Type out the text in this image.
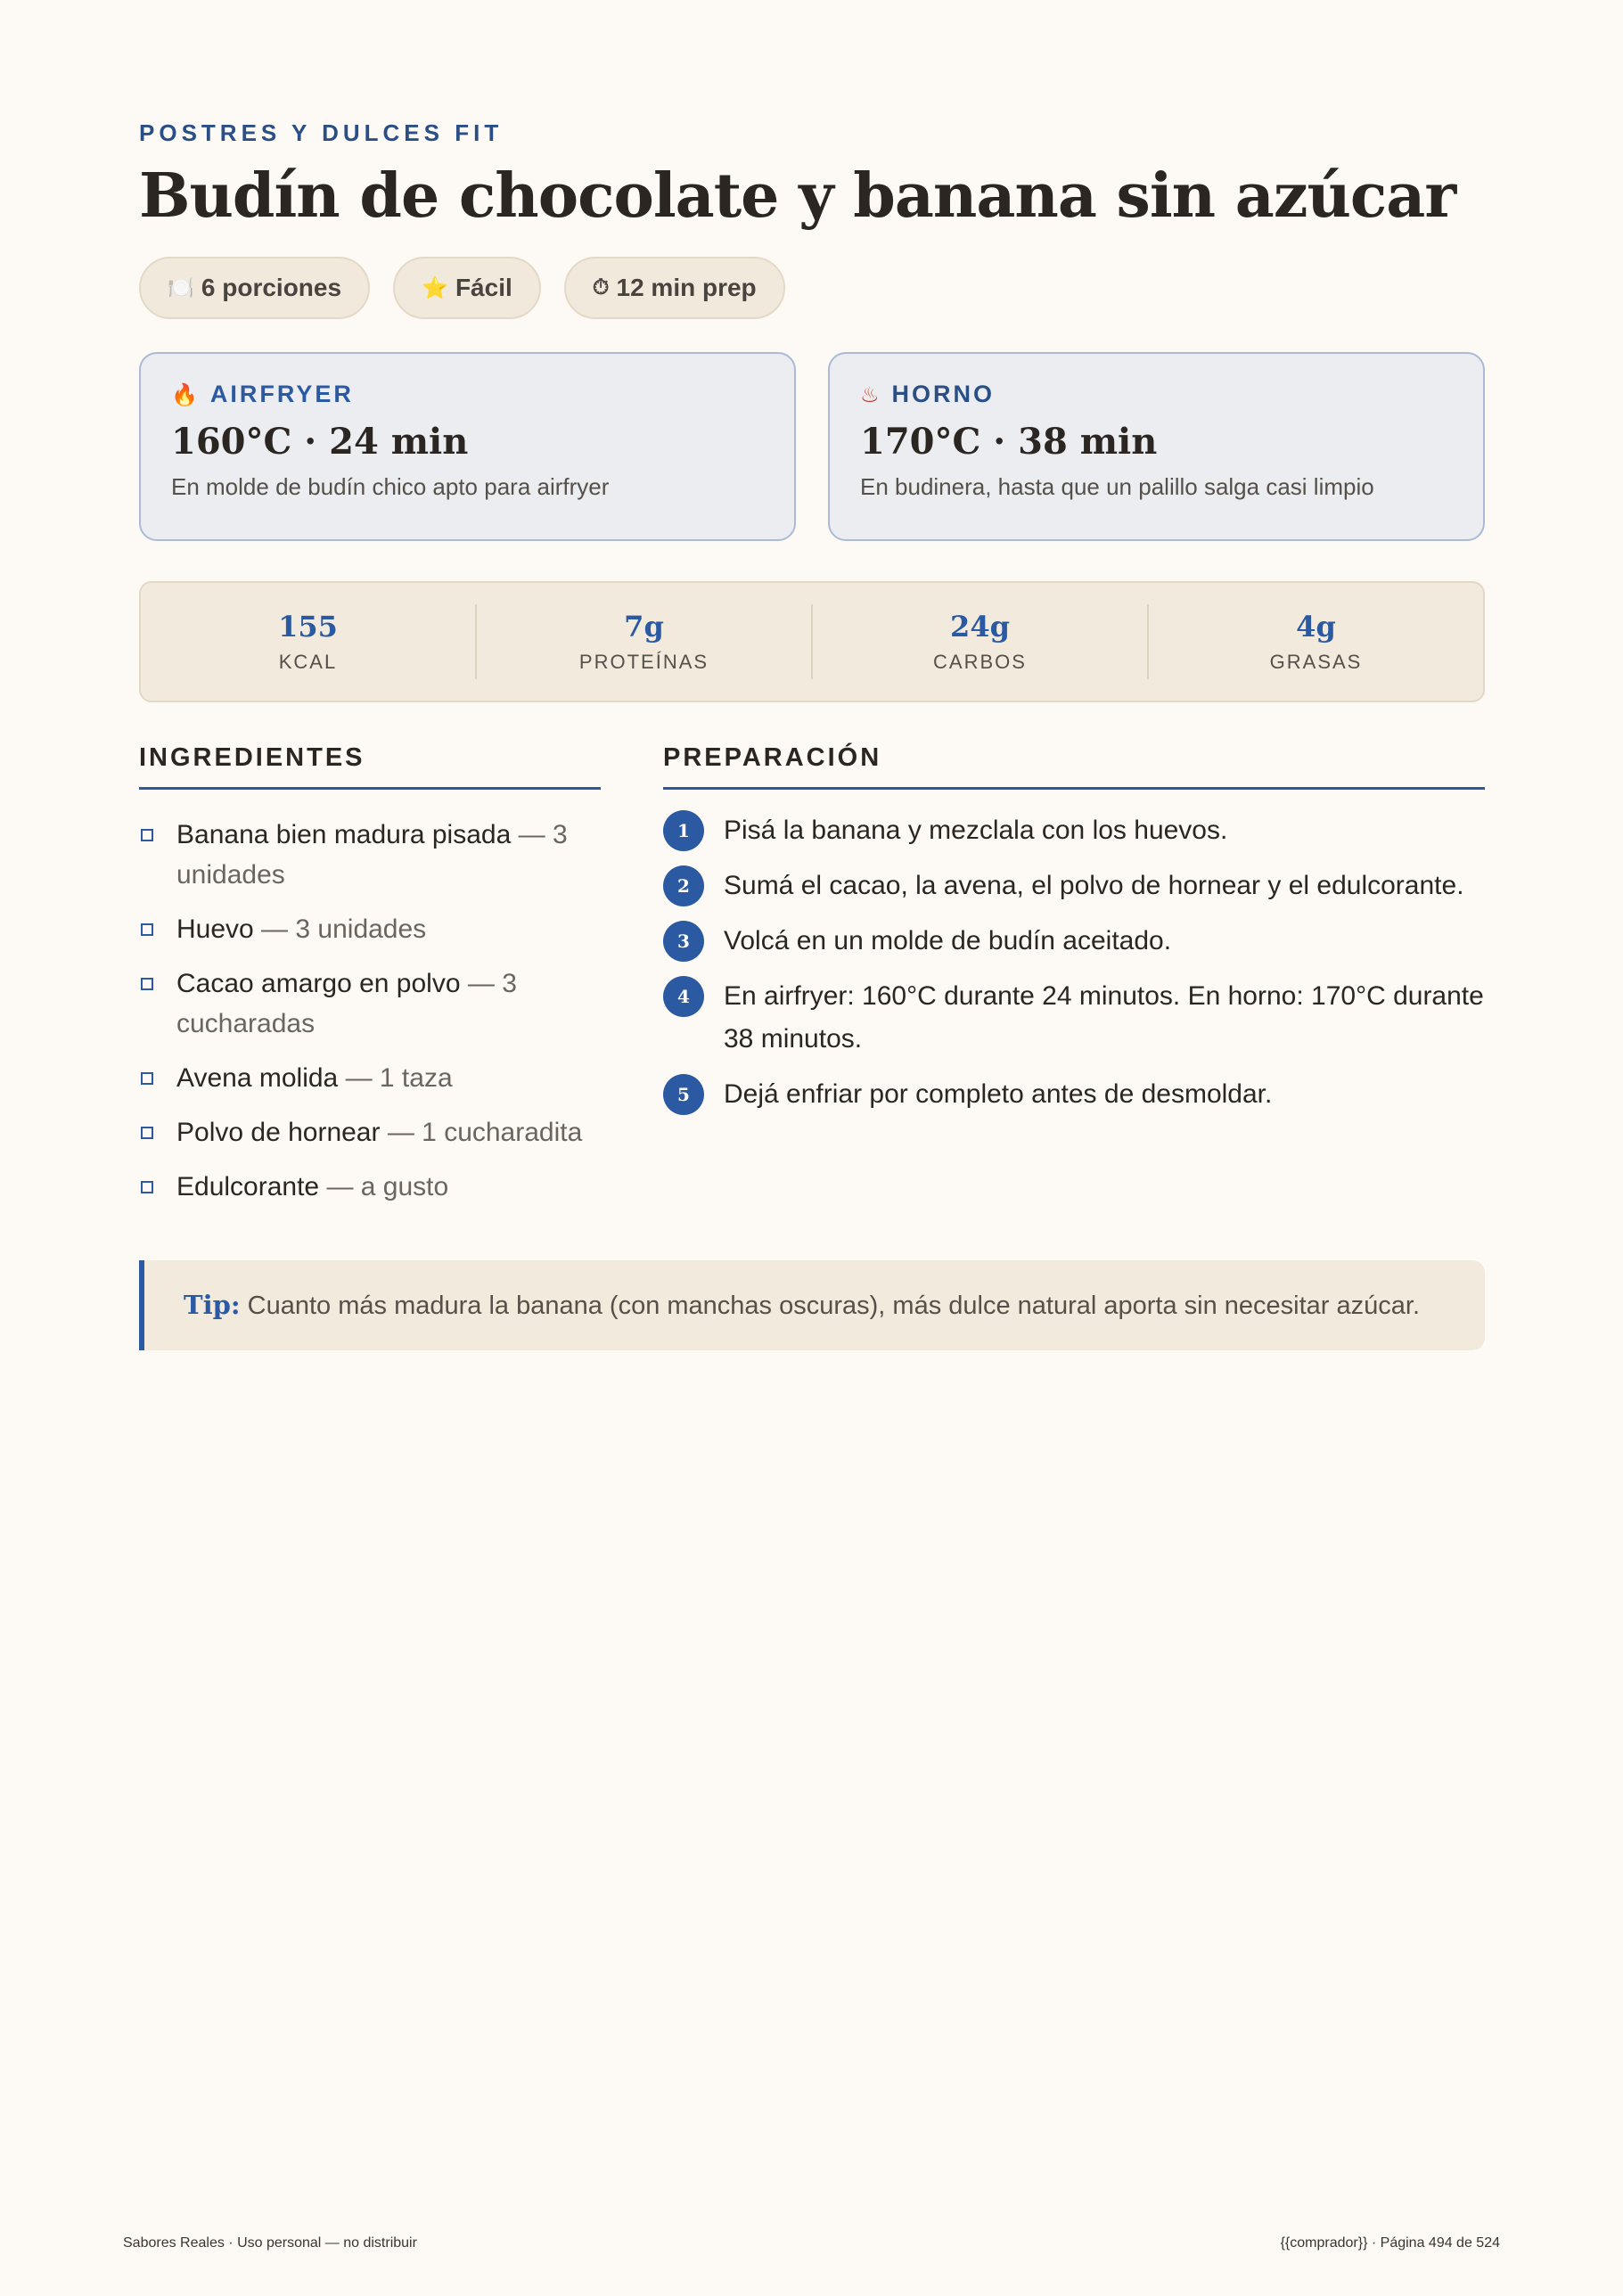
POSTRES Y DULCES FIT
Budín de chocolate y banana sin azúcar
🍽️ 6 porciones	⭐ Fácil	⏱ 12 min prep
🔥 AIRFRYER
160°C · 24 min
En molde de budín chico apto para airfryer
♨ HORNO
170°C · 38 min
En budinera, hasta que un palillo salga casi limpio
155
KCAL
7g
PROTEÍNAS
24g
CARBOS
4g
GRASAS
INGREDIENTES
Banana bien madura pisada — 3 unidades
Huevo — 3 unidades
Cacao amargo en polvo — 3 cucharadas
Avena molida — 1 taza
Polvo de hornear — 1 cucharadita
Edulcorante — a gusto
PREPARACIÓN
1	Pisá la banana y mezclala con los huevos.
2	Sumá el cacao, la avena, el polvo de hornear y el edulcorante.
3	Volcá en un molde de budín aceitado.
4	En airfryer: 160°C durante 24 minutos. En horno: 170°C durante 38 minutos.
5	Dejá enfriar por completo antes de desmoldar.
Tip: Cuanto más madura la banana (con manchas oscuras), más dulce natural aporta sin necesitar azúcar.
Sabores Reales · Uso personal — no distribuir	{{comprador}} · Página 494 de 524
